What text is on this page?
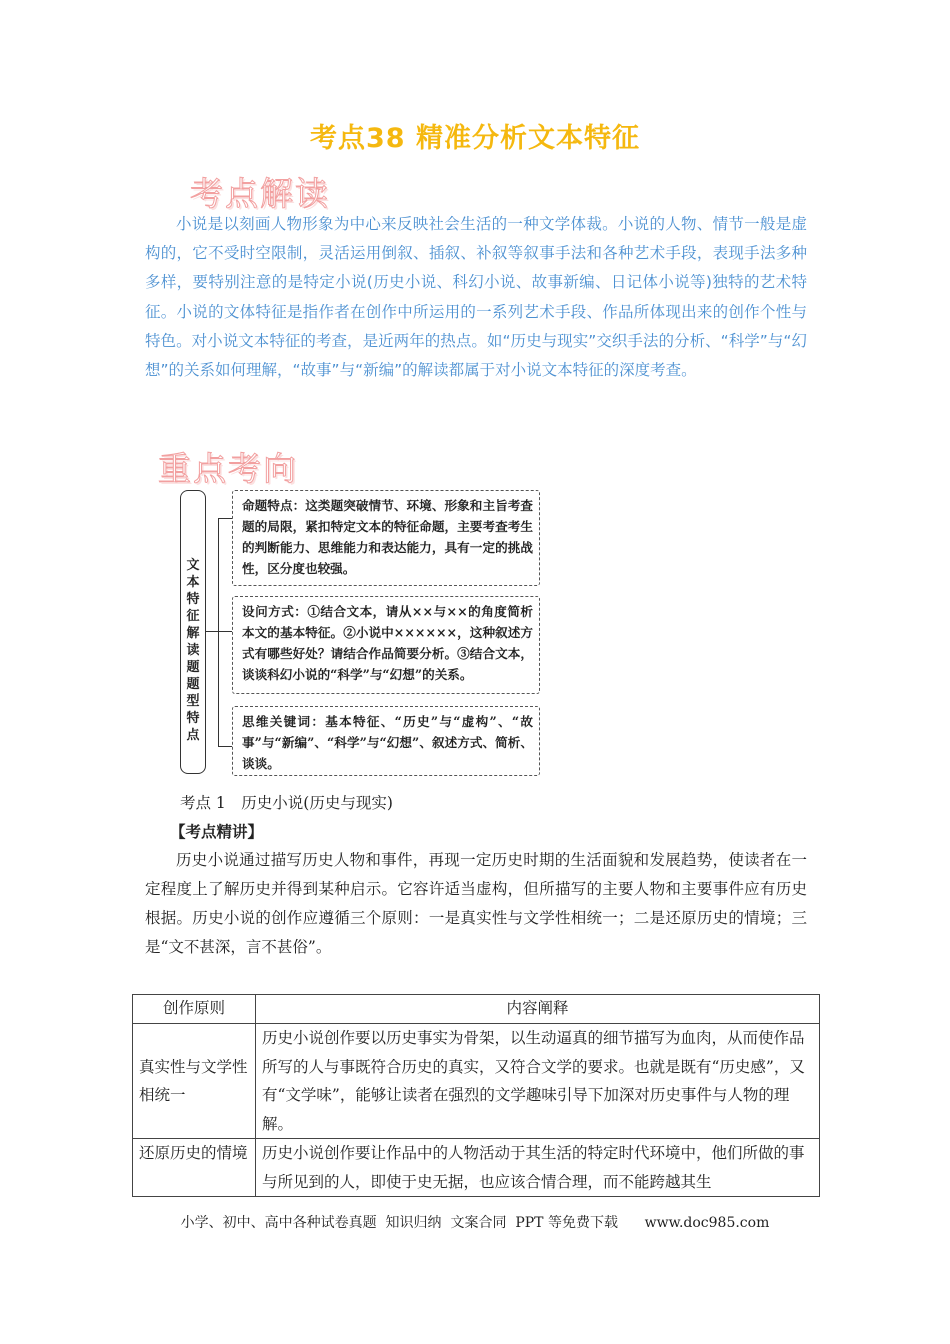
考点38 精准分析文本特征
考点解读

小说是以刻画人物形象为中心来反映社会生活的一种文学体裁。小说的人物、情节一般是虚构的，它不受时空限制，灵活运用倒叙、插叙、补叙等叙事手法和各种艺术手段，表现手法多种多样，要特别注意的是特定小说(历史小说、科幻小说、故事新编、日记体小说等)独特的艺术特征。小说的文体特征是指作者在创作中所运用的一系列艺术手段、作品所体现出来的创作个性与特色。对小说文本特征的考查，是近两年的热点。如“历史与现实”交织手法的分析、“科学”与“幻想”的关系如何理解，“故事”与“新编”的解读都属于对小说文本特征的深度考查。

重点考向
文本特征解读题题型特点
命题特点：这类题突破情节、环境、形象和主旨考查题的局限，紧扣特定文本的特征命题，主要考查考生的判断能力、思维能力和表达能力，具有一定的挑战性，区分度也较强。
设问方式：①结合文本，请从××与××的角度简析本文的基本特征。②小说中××××××，这种叙述方式有哪些好处？请结合作品简要分析。③结合文本，谈谈科幻小说的“科学”与“幻想”的关系。
思维关键词：基本特征、“历史”与“虚构”、“故事”与“新编”、“科学”与“幻想”、叙述方式、简析、谈谈。
考点 1　历史小说(历史与现实)
【考点精讲】

历史小说通过描写历史人物和事件，再现一定历史时期的生活面貌和发展趋势，使读者在一定程度上了解历史并得到某种启示。它容许适当虚构，但所描写的主要人物和主要事件应有历史根据。历史小说的创作应遵循三个原则：一是真实性与文学性相统一；二是还原历史的情境；三是“文不甚深，言不甚俗”。

创作原则	内容阐释
真实性与文学性相统一	历史小说创作要以历史事实为骨架，以生动逼真的细节描写为血肉，从而使作品所写的人与事既符合历史的真实，又符合文学的要求。也就是既有“历史感”，又有“文学味”，能够让读者在强烈的文学趣味引导下加深对历史事件与人物的理解。
还原历史的情境	历史小说创作要让作品中的人物活动于其生活的特定时代环境中，他们所做的事与所见到的人，即使于史无据，也应该合情合理，而不能跨越其生
小学、初中、高中各种试卷真题  知识归纳  文案合同  PPT 等免费下载      www.doc985.com
